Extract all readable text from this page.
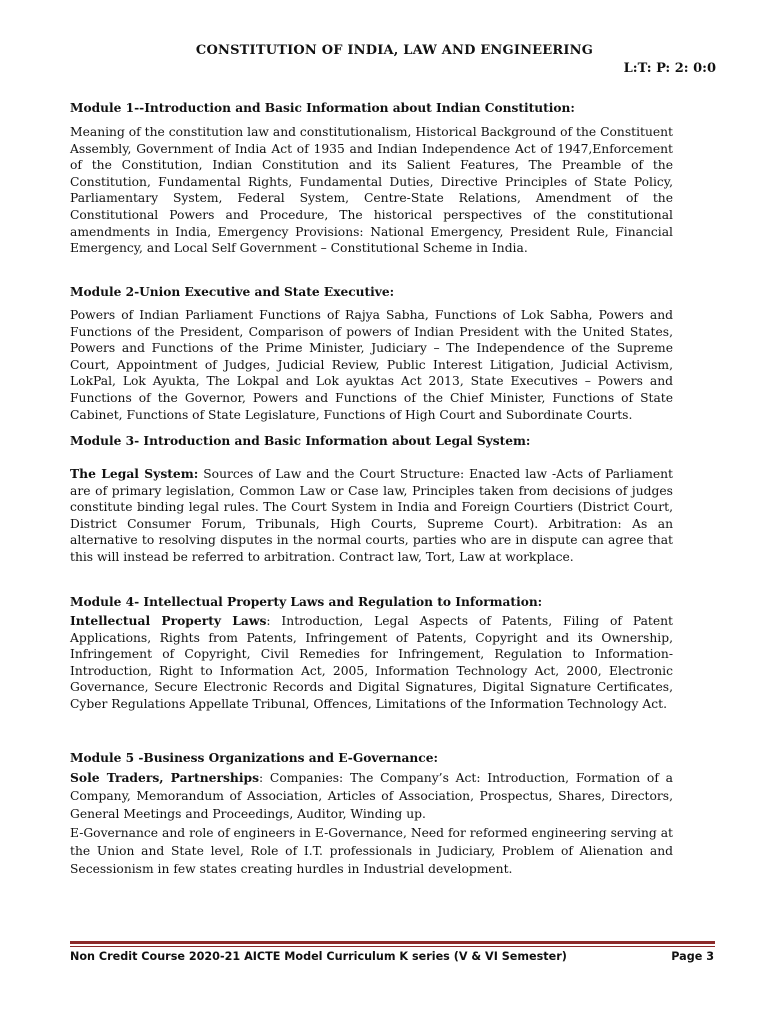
CONSTITUTION OF INDIA, LAW AND ENGINEERING
L:T: P: 2: 0:0
Module 1--Introduction and Basic Information about Indian Constitution:

Meaning of the constitution law and constitutionalism, Historical Background of the Constituent Assembly, Government of India Act of 1935 and Indian Independence Act of 1947,Enforcement of the Constitution, Indian Constitution and its Salient Features, The Preamble of the Constitution, Fundamental Rights, Fundamental Duties, Directive Principles of State Policy, Parliamentary System, Federal System, Centre-State Relations, Amendment of the Constitutional Powers and Procedure, The historical perspectives of the constitutional amendments in India, Emergency Provisions: National Emergency, President Rule, Financial Emergency, and Local Self Government – Constitutional Scheme in India.

Module 2-Union Executive and State Executive:

Powers of Indian Parliament Functions of Rajya Sabha, Functions of Lok Sabha, Powers and Functions of the President, Comparison of powers of Indian President with the United States, Powers and Functions of the Prime Minister, Judiciary – The Independence of the Supreme Court, Appointment of Judges, Judicial Review, Public Interest Litigation, Judicial Activism, LokPal, Lok Ayukta, The Lokpal and Lok ayuktas Act 2013, State Executives – Powers and Functions of the Governor, Powers and Functions of the Chief Minister, Functions of State Cabinet, Functions of State Legislature, Functions of High Court and Subordinate Courts.

Module 3- Introduction and Basic Information about Legal System:

The Legal System: Sources of Law and the Court Structure: Enacted law -Acts of Parliament are of primary legislation, Common Law or Case law, Principles taken from decisions of judges constitute binding legal rules. The Court System in India and Foreign Courtiers (District Court, District Consumer Forum, Tribunals, High Courts, Supreme Court). Arbitration: As an alternative to resolving disputes in the normal courts, parties who are in dispute can agree that this will instead be referred to arbitration. Contract law, Tort, Law at workplace.

Module 4- Intellectual Property Laws and Regulation to Information:

Intellectual Property Laws: Introduction, Legal Aspects of Patents, Filing of Patent Applications, Rights from Patents, Infringement of Patents, Copyright and its Ownership, Infringement of Copyright, Civil Remedies for Infringement, Regulation to Information-Introduction, Right to Information Act, 2005, Information Technology Act, 2000, Electronic Governance, Secure Electronic Records and Digital Signatures, Digital Signature Certificates, Cyber Regulations Appellate Tribunal, Offences, Limitations of the Information Technology Act.

Module 5 -Business Organizations and E-Governance:

Sole Traders, Partnerships: Companies: The Company’s Act: Introduction, Formation of a Company, Memorandum of Association, Articles of Association, Prospectus, Shares, Directors, General Meetings and Proceedings, Auditor, Winding up.

E-Governance and role of engineers in E-Governance, Need for reformed engineering serving at the Union and State level, Role of I.T. professionals in Judiciary, Problem of Alienation and Secessionism in few states creating hurdles in Industrial development.

Non Credit Course 2020-21 AICTE Model Curriculum K series (V & VI Semester)	Page 3
